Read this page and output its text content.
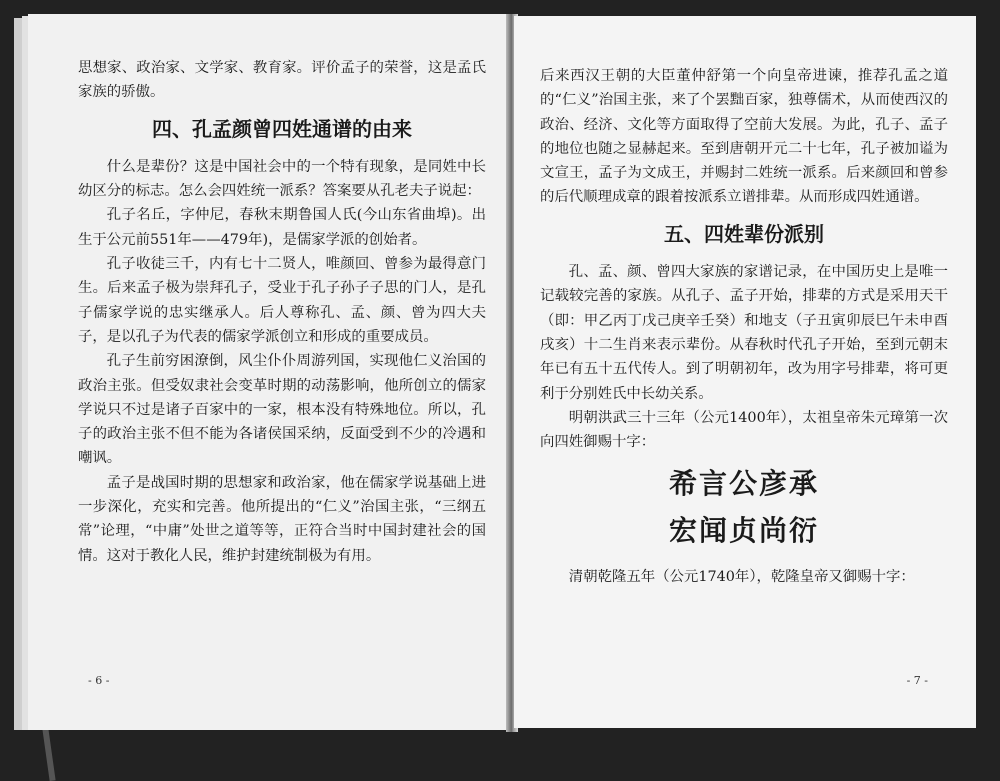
思想家、政治家、文学家、教育家。评价孟子的荣誉，这是孟氏家族的骄傲。

四、孔孟颜曾四姓通谱的由来

什么是辈份？这是中国社会中的一个特有现象，是同姓中长幼区分的标志。怎么会四姓统一派系？答案要从孔老夫子说起：

孔子名丘，字仲尼，春秋末期鲁国人氏(今山东省曲埠)。出生于公元前551年——479年)，是儒家学派的创始者。

孔子收徒三千，内有七十二贤人，唯颜回、曾参为最得意门生。后来孟子极为崇拜孔子，受业于孔子孙子子思的门人，是孔子儒家学说的忠实继承人。后人尊称孔、孟、颜、曾为四大夫子，是以孔子为代表的儒家学派创立和形成的重要成员。

孔子生前穷困潦倒，风尘仆仆周游列国，实现他仁义治国的政治主张。但受奴隶社会变革时期的动荡影响，他所创立的儒家学说只不过是诸子百家中的一家，根本没有特殊地位。所以，孔子的政治主张不但不能为各诸侯国采纳，反面受到不少的冷遇和嘲讽。

孟子是战国时期的思想家和政治家，他在儒家学说基础上进一步深化，充实和完善。他所提出的“仁义”治国主张，“三纲五常”论理，“中庸”处世之道等等，正符合当时中国封建社会的国情。这对于教化人民，维护封建统制极为有用。

- 6 -

后来西汉王朝的大臣董仲舒第一个向皇帝进谏，推荐孔孟之道的“仁义”治国主张，来了个罢黜百家，独尊儒术，从而使西汉的政治、经济、文化等方面取得了空前大发展。为此，孔子、孟子的地位也随之显赫起来。至到唐朝开元二十七年，孔子被加谥为文宣王，孟子为文成王，并赐封二姓统一派系。后来颜回和曾参的后代顺理成章的跟着按派系立谱排辈。从而形成四姓通谱。

五、四姓辈份派别

孔、孟、颜、曾四大家族的家谱记录，在中国历史上是唯一记载较完善的家族。从孔子、孟子开始，排辈的方式是采用天干（即：甲乙丙丁戊己庚辛壬癸）和地支（子丑寅卯辰巳午未申酉戌亥）十二生肖来表示辈份。从春秋时代孔子开始，至到元朝末年已有五十五代传人。到了明朝初年，改为用字号排辈，将可更利于分别姓氏中长幼关系。

明朝洪武三十三年（公元1400年），太祖皇帝朱元璋第一次向四姓御赐十字：

希言公彦承
宏闻贞尚衍

清朝乾隆五年（公元1740年），乾隆皇帝又御赐十字：

- 7 -
